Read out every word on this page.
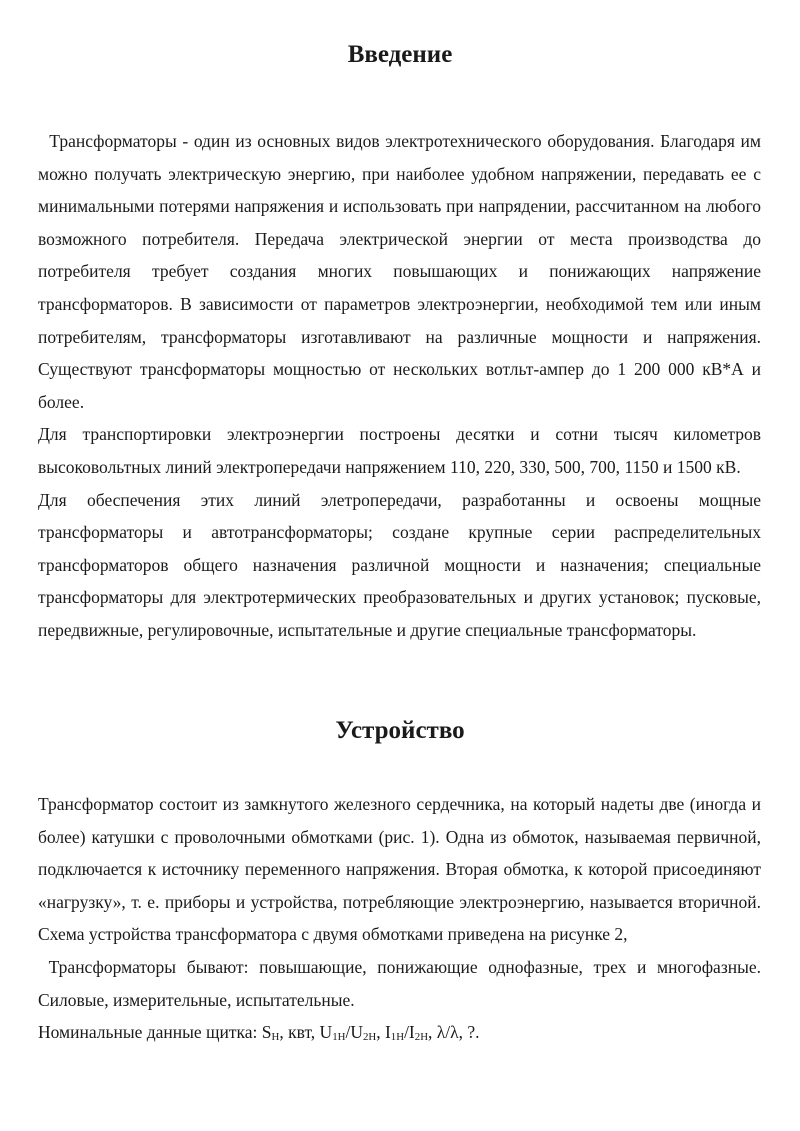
Введение

Трансформаторы - один из основных видов электротехнического оборудования. Благодаря им можно получать электрическую энергию, при наиболее удобном напряжении, передавать ее с минимальными потерями напряжения и использовать при напрядении, рассчитанном на любого возможного потребителя. Передача электрической энергии от места производства до потребителя требует создания многих повышающих и понижающих напряжение трансформаторов. В зависимости от параметров электроэнергии, необходимой тем или иным потребителям, трансформаторы изготавливают на различные мощности и напряжения. Существуют трансформаторы мощностью от нескольких вотльт-ампер до 1 200 000 кВ*А и более.

Для транспортировки электроэнергии построены десятки и сотни тысяч километров высоковольтных линий электропередачи напряжением 110, 220, 330, 500, 700, 1150 и 1500 кВ.

Для обеспечения этих линий элетропередачи, разработанны и освоены мощные трансформаторы и автотрансформаторы; создане крупные серии распределительных трансформаторов общего назначения различной мощности и назначения; специальные трансформаторы для электротермических преобразовательных и других установок; пусковые, передвижные, регулировочные, испытательные и другие специальные трансформаторы.

Устройство

Трансформатор состоит из замкнутого железного сердечника, на который надеты две (иногда и более) катушки с проволочными обмотками (рис. 1). Одна из обмоток, называемая первичной, подключается к источнику переменного напряжения. Вторая обмотка, к которой присоединяют «нагрузку», т. е. приборы и устройства, потребляющие электроэнергию, называется вторичной. Схема устройства трансформатора с двумя обмотками приведена на рисунке 2,

Трансформаторы бывают: повышающие, понижающие однофазные, трех и многофазные. Силовые, измерительные, испытательные.

Номинальные данные щитка: $S_Н$, квт, $U_{1Н}/U_{2Н}$, $I_{1Н}/I_{2Н}$, λ/λ, ?.
